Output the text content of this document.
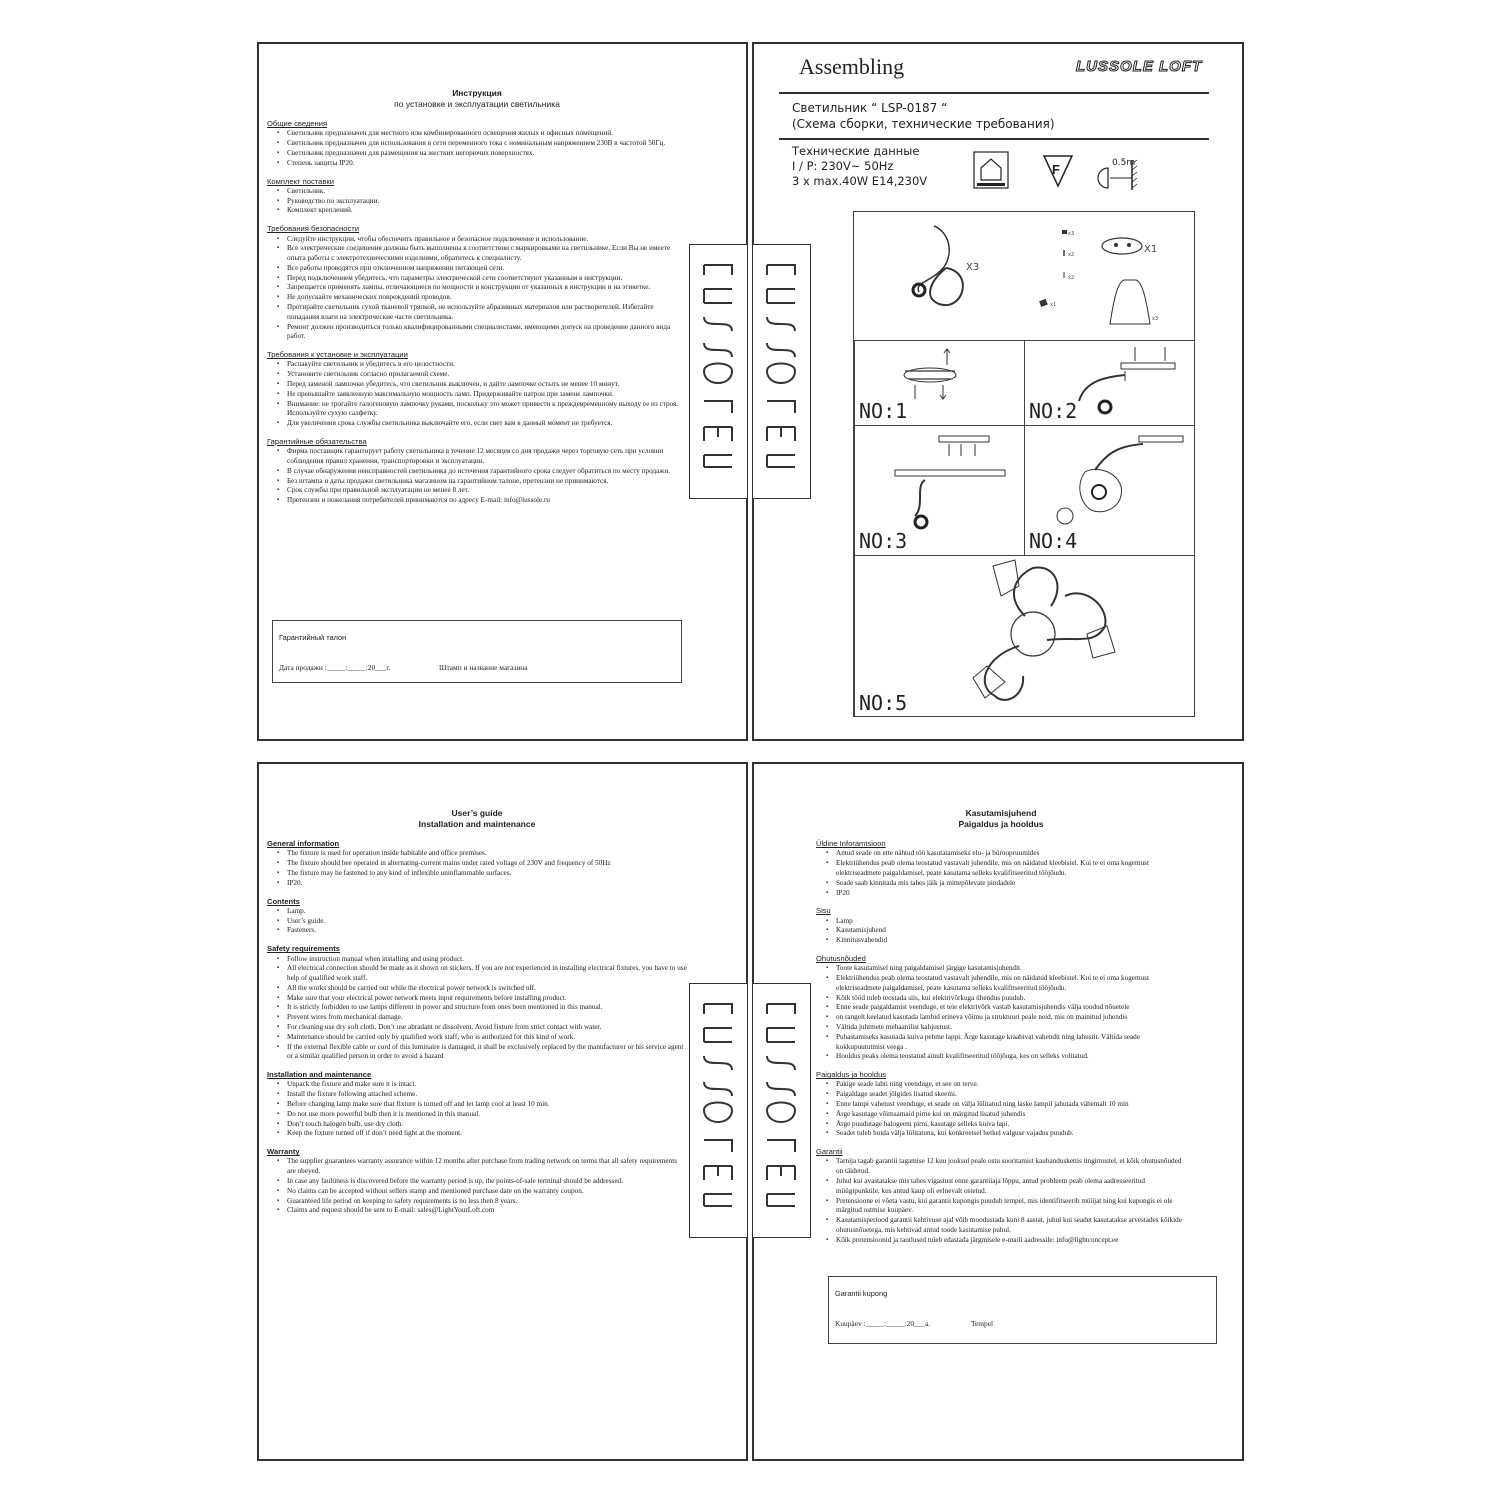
Инструкция
по установке и эксплуатации светильника
Общие сведения
▪ Светильник предназначен для местного или комбинированного освещения жилых и офисных помещений.
▪ Светильник предназначен для использования в сети переменного тока с номинальным напряжением 230В в частотой 50Гц.
▪ Светильник предназначен для размещения на жестких негорючих поверхностях.
▪ Степень защиты IP20.
Комплект поставки
▪ Светильник.
▪ Руководство по эксплуатации.
▪ Комплект креплений.
Требования безопасности
▪ Следуйте инструкции, чтобы обеспечить правильное и безопасное подключение и использование.
▪ Все электрические соединения должны быть выполнены в соответствии с маркировками на светильнике. Если Вы не имеете опыта работы с электротехническими изделиями, обратитесь к специалисту.
▪ Все работы проводятся при отключенном напряжении питающей сети.
▪ Перед подключением убедитесь, что параметры электрической сети соответствуют указанным в инструкции.
▪ Запрещается применять лампы, отличающиеся по мощности и конструкции от указанных в инструкции и на этикетке.
▪ Не допускайте механических повреждений проводов.
▪ Протирайте светильник сухой тканевой тряпкой, не используйте абразивных материалов или растворителей. Избегайте попадания влаги на электрические части светильника.
▪ Ремонт должен производиться только квалифицированными специалистами, имеющими допуск на проведение данного вида работ.
Требования к установке и эксплуатации
▪ Распакуйте светильник и убедитесь в его целостности.
▪ Установите светильник согласно прилагаемой схеме.
▪ Перед заменой лампочки убедитесь, что светильник выключен, и дайте лампочке остыть не менее 10 минут.
▪ Не превышайте заявленную максимальную мощность ламп. Придерживайте патрон при замене лампочки.
▪ Внимание: не трогайте галогеновую лампочку руками, поскольку это может привести к преждевременному выходу ее из строя. Используйте сухую салфетку.
▪ Для увеличения срока службы светильника выключайте его, если свет вам в данный момент не требуется.
Гарантийные обязательства
▪ Фирма поставщик гарантирует работу светильника в течение 12 месяцев со дня продажи через торговую сеть при условии соблюдения правил хранения, транспортировки и эксплуатации.
▪ В случае обнаружения неисправностей светильника до истечения гарантийного срока следует обратиться по месту продажи.
▪ Без штампа и даты продажи светильника магазином на гарантийном талоне, претензии не принимаются.
▪ Срок службы при правильной эксплуатации не менее 8 лет.
▪ Претензии и пожелания потребителей принимаются по адресу E-mail: info@lussole.ru
Гарантийный талон
Дата продажи :_____:_____:20___г.	Штамп и название магазина
Assembling	LUSSOLE LOFT
Светильник “ LSP-0187 “
(Схема сборки, технические требования)
Технические данные
I / P: 230V~ 50Hz
3 x max.40W E14,230V
F	0.5m
X3
x3
x2
x2
x1
X1
x3
NO:1	NO:2
NO:3	NO:4
NO:5
User’s guide
Installation and maintenance
General information
▪ The fixture is used for operation inside habitable and office premises.
▪ The fixture should bee operated in alternating-current mains under rated voltage of 230V and frequency of 50Hz
▪ The fixture may be fastened to any kind of inflexible uninflammable surfaces.
▪ IP20.
Contents
▪ Lamp.
▪ User’s guide.
▪ Fasteners.
Safety requirements
▪ Follow instruction manual when installing and using product.
▪ All electrical connection should be made as it shown on stickers. If you are not experienced in installing electrical fixtures, you have to use help of qualified work staff.
▪ All the works should be carried out while the electrical power network is switched off.
▪ Make sure that your electrical power network meets input requirements before installing product.
▪ It is strictly forbidden to use lamps different in power and structure from ones been mentioned in this manual.
▪ Prevent wires from mechanical damage.
▪ For cleaning use dry soft cloth. Don’t use abradant or dissolvent. Avoid fixture from strict contact with water.
▪ Maintenance should be carried only by qualified work staff, who is authorized for this kind of work.
▪ If the external flexible cable or cord of this luminaire is damaged, it shall be exclusively replaced by the manufacturer or his service agent or a similar qualified person in order to avoid a hazard
Installation and maintenance
▪ Unpack the fixture and make sure it is intact.
▪ Install the fixture following attached scheme.
▪ Before changing lamp make sure that fixture is turned off and let lamp cool at least 10 min.
▪ Do not use more powerful bulb then it is mentioned in this manual.
▪ Don’t touch halogen bulb, use dry cloth.
▪ Keep the fixture turned off if don’t need light at the moment.
Warranty
▪ The supplier guarantees warranty assurance within 12 months after purchase from trading network on terms that all safety requirements are obeyed.
▪ In case any faultiness is discovered before the warranty period is up, the points-of-sale terminal should be addressed.
▪ No claims can be accepted without sellers stamp and mentioned purchase date on the warranty coupon.
▪ Guaranteed life period on keeping to safety requirements is no less then 8 years.
▪ Claims and request should be sent to E-mail: sales@LightYourLoft.com
Kasutamisjuhend
Paigaldus ja hooldus
Üldine Inforamtsioon
▪ Antud seade on ette nähtud töö kasutatamiseks elu- ja büroopruumides
▪ Elektriühendus peab olema teostatud vastavalt juhendile, mis on näidatud kleebistel. Kui te ei oma kogemust elektriseadmete paigaldamisel, peate kasutama selleks kvalifitseeritud tööjõudu.
▪ Seade saab kinnitada mis tahes jäik ja mittepõlevate pindadele
▪ IP20
Sisu
▪ Lamp
▪ Kasutamisjuhend
▪ Kinnitusvahendid
Ohutusnõuded
▪ Toote kasutamisel ning paigaldamisel järgige kasutamisjuhendit.
▪ Elektriühendus peab olema teostatud vastavalt juhendile, mis on näidatud kleebistel. Kui te ei oma kogemust elektriseadmete paigaldamisel, peate kasutama selleks kvalifitseeritud tööjõudu.
▪ Kõik tööd tuleb teostada siis, kui elektrivõrkuga ühendus puudub.
▪ Enne seade paigaldamist veenduge, et teie elektrivõrk vastab kasutamisjuhendis välja toodud nõuetele
▪ on rangelt keelatud kasutada lambid erineva võimu ja struktuuri peale neid, mis on mainitud juhendis
▪ Vältida juhtmete mehaanilist kahjustust.
▪ Puhastamiseks kasutada kuiva pehme lappi. Ärge kasutage kraabivat vahendit ning lahustit. Vältida seade kokkupuututmist veega .
▪ Hooldus peaks olema teostatud ainult kvalifitseeritud tööjõuga, kes on selleks volitatud.
Paigaldus ja hooldus
▪ Pakige seade lahti ning veenduge, et see on terve.
▪ Paigaldage seadet jõlgides lisatud skeemi.
▪ Enne lampi vahetust veenduge, et seade on välja lülitatud ning laske lampil jahutada vähemalt 10 min
▪ Ärge kasutage võimsamaid pirne kui on märgitud lisatud juhendis
▪ Ärge puudutage halogeeni pirni, kasutage selleks kuiva lapi.
▪ Seadet tuleb hoida välja lülitatuna, kui konkreetsel hetkel valguse vajadus puudub.
Garantii
▪ Tarnija tagab garantii tagamise 12 kuu jooksul peale ostu sooritamist kaubanduskettis tingimustel, et kõik ohutusnõuded on täidetud.
▪ Juhul kui avastatakse mis tahes vigastust enne garantiiaja lõppu, antud probleem peab olema aadresseeritud müügipunktile, kus antud kaup oli eelnevalt ostetud.
▪ Pretensioone ei võeta vastu, kui garantii kupongis puudub tempel, mis identifitseerib müüjat ning kui kupongis ei ole märgitud ostmise kuupäev.
▪ Kasutamisperiood garantii kehtivuse ajal võib moodustada kuni 8 aastat, juhul kui seadet kasutatakse arvestades kõikide ohutusnõuetega, mis kehtivad antud toode kasutamise puhul.
▪ Kõik pretensioonid ja taotlused tuleb edastada järgmisele e-maili aadressile: info@lightconcept.ee
Garantii kupong
Kuupäev :_____:_____:20___a.	Tempel
